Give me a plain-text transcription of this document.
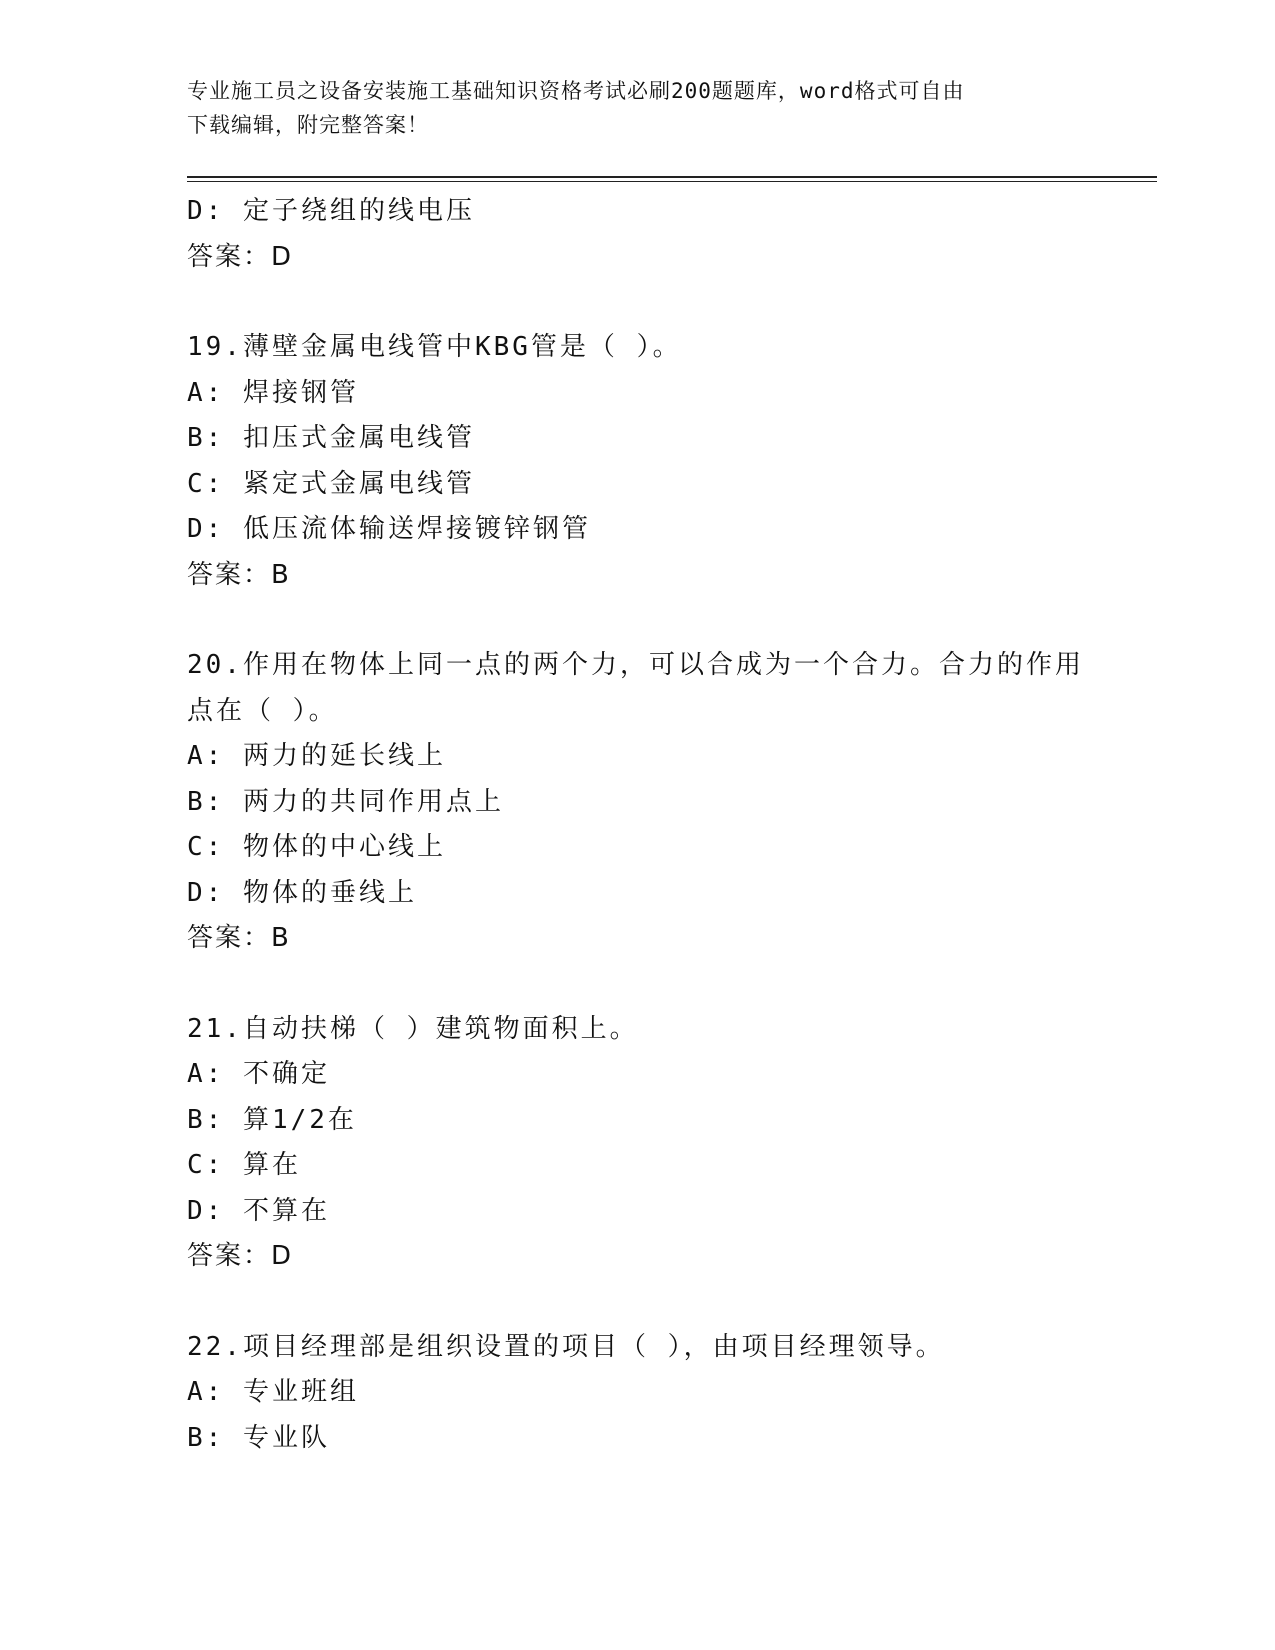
专业施工员之设备安装施工基础知识资格考试必刷200题题库，word格式可自由
下载编辑，附完整答案！
D: 定子绕组的线电压
答案：D
19.薄壁金属电线管中KBG管是（ ）。
A: 焊接钢管
B: 扣压式金属电线管
C: 紧定式金属电线管
D: 低压流体输送焊接镀锌钢管
答案：B
20.作用在物体上同一点的两个力，可以合成为一个合力。合力的作用
点在（ ）。
A: 两力的延长线上
B: 两力的共同作用点上
C: 物体的中心线上
D: 物体的垂线上
答案：B
21.自动扶梯（ ）建筑物面积上。
A: 不确定
B: 算1/2在
C: 算在
D: 不算在
答案：D
22.项目经理部是组织设置的项目（ ），由项目经理领导。
A: 专业班组
B: 专业队
